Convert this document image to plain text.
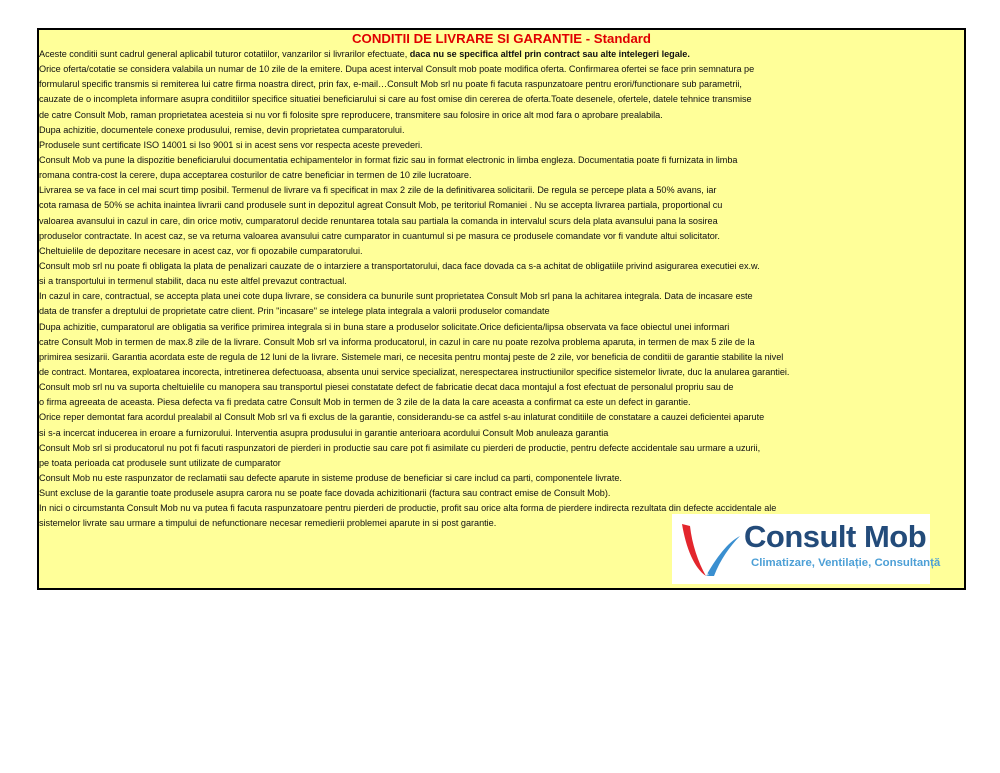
CONDITII DE LIVRARE SI GARANTIE - Standard
Aceste conditii sunt cadrul general aplicabil tuturor cotatiilor, vanzarilor si livrarilor efectuate, daca nu se specifica altfel prin contract sau alte intelegeri legale.
Orice oferta/cotatie se considera valabila un numar de 10 zile de la emitere. Dupa acest interval Consult mob poate modifica oferta. Confirmarea ofertei se face prin semnatura pe
formularul specific transmis si remiterea lui catre firma noastra direct, prin fax, e-mail…Consult Mob srl nu poate fi facuta raspunzatoare pentru erori/functionare sub parametrii,
cauzate de o incompleta informare asupra conditiilor specifice situatiei beneficiarului si care au fost omise din cererea de oferta.Toate desenele, ofertele, datele tehnice transmise
de catre Consult Mob, raman proprietatea acesteia si nu vor fi folosite spre reproducere, transmitere sau folosire in orice alt mod fara o aprobare prealabila.
Dupa achizitie, documentele conexe produsului, remise, devin proprietatea cumparatorului.
Produsele sunt certificate ISO 14001 si Iso 9001 si in acest sens vor respecta aceste prevederi.
Consult Mob va pune la dispozitie beneficiarului documentatia echipamentelor in format fizic sau in format electronic in limba engleza. Documentatia poate fi furnizata in limba
romana contra-cost la cerere, dupa acceptarea costurilor de catre beneficiar in termen de 10 zile lucratoare.
Livrarea se va face in cel mai scurt timp posibil. Termenul de livrare va fi specificat in max 2 zile de la definitivarea solicitarii. De regula se percepe plata a 50% avans, iar
cota ramasa de 50% se achita inaintea livrarii cand produsele sunt in depozitul agreat Consult Mob, pe teritoriul Romaniei . Nu se accepta livrarea partiala, proportional cu
valoarea avansului in cazul in care, din orice motiv, cumparatorul decide renuntarea totala sau partiala la comanda in intervalul scurs dela plata avansului pana la sosirea
produselor contractate. In acest caz, se va returna valoarea avansului catre cumparator in cuantumul si pe masura ce produsele comandate vor fi vandute altui solicitator.
Cheltuielile de depozitare necesare in acest caz, vor fi opozabile cumparatorului.
Consult mob srl nu poate fi obligata la plata de penalizari cauzate de o intarziere a transportatorului, daca face dovada ca s-a achitat de obligatiile privind asigurarea executiei ex.w.
si a transportului in termenul stabilit, daca nu este altfel prevazut contractual.
In cazul in care, contractual, se accepta plata unei cote dupa livrare, se considera ca bunurile sunt proprietatea Consult Mob srl pana la achitarea integrala. Data de incasare este
data de transfer a dreptului de proprietate catre client. Prin "incasare" se intelege plata integrala a valorii produselor comandate
Dupa achizitie, cumparatorul are obligatia sa verifice primirea integrala si in buna stare a produselor solicitate.Orice deficienta/lipsa observata va face obiectul unei informari
catre Consult Mob in termen de max.8 zile de la livrare. Consult Mob srl va informa producatorul, in cazul in care nu poate rezolva problema aparuta, in termen de max 5 zile de la
primirea sesizarii. Garantia acordata este de regula de 12 luni de la livrare. Sistemele mari, ce necesita pentru montaj peste de 2 zile, vor beneficia de conditii de garantie stabilite la nivel
de contract. Montarea, exploatarea incorecta, intretinerea defectuoasa, absenta unui service specializat, nerespectarea instructiunilor specifice sistemelor livrate, duc la anularea garantiei.
Consult mob srl nu va suporta cheltuielile cu manopera sau transportul piesei constatate defect de fabricatie decat daca montajul a fost efectuat de personalul propriu sau de
o firma agreeata de aceasta. Piesa defecta va fi predata catre Consult Mob in termen de 3 zile de la data la care aceasta a confirmat ca este un defect in garantie.
Orice reper demontat fara acordul prealabil al Consult Mob srl va fi exclus de la garantie, considerandu-se ca astfel s-au inlaturat conditiile de constatare a cauzei deficientei aparute
si s-a incercat inducerea in eroare a furnizorului. Interventia asupra produsului in garantie anterioara acordului Consult Mob anuleaza garantia
Consult Mob srl si producatorul nu pot fi facuti raspunzatori de pierderi in productie sau care pot fi asimilate cu pierderi de productie, pentru defecte accidentale sau urmare a uzurii,
pe toata perioada cat produsele sunt utilizate de cumparator
Consult Mob nu este raspunzator de reclamatii sau defecte aparute in sisteme produse de beneficiar si care includ ca parti, componentele livrate.
Sunt excluse de la garantie toate produsele asupra carora nu se poate face dovada achizitionarii (factura sau contract emise de Consult Mob).
In nici o circumstanta Consult Mob nu va putea fi facuta raspunzatoare pentru pierderi de productie, profit sau orice alta forma de pierdere indirecta rezultata din defecte accidentale ale
sistemelor livrate sau urmare a timpului de nefunctionare necesar remedierii problemei aparute in si post garantie.	Consult Mob
Climatizare, Ventilație, Consultanță
